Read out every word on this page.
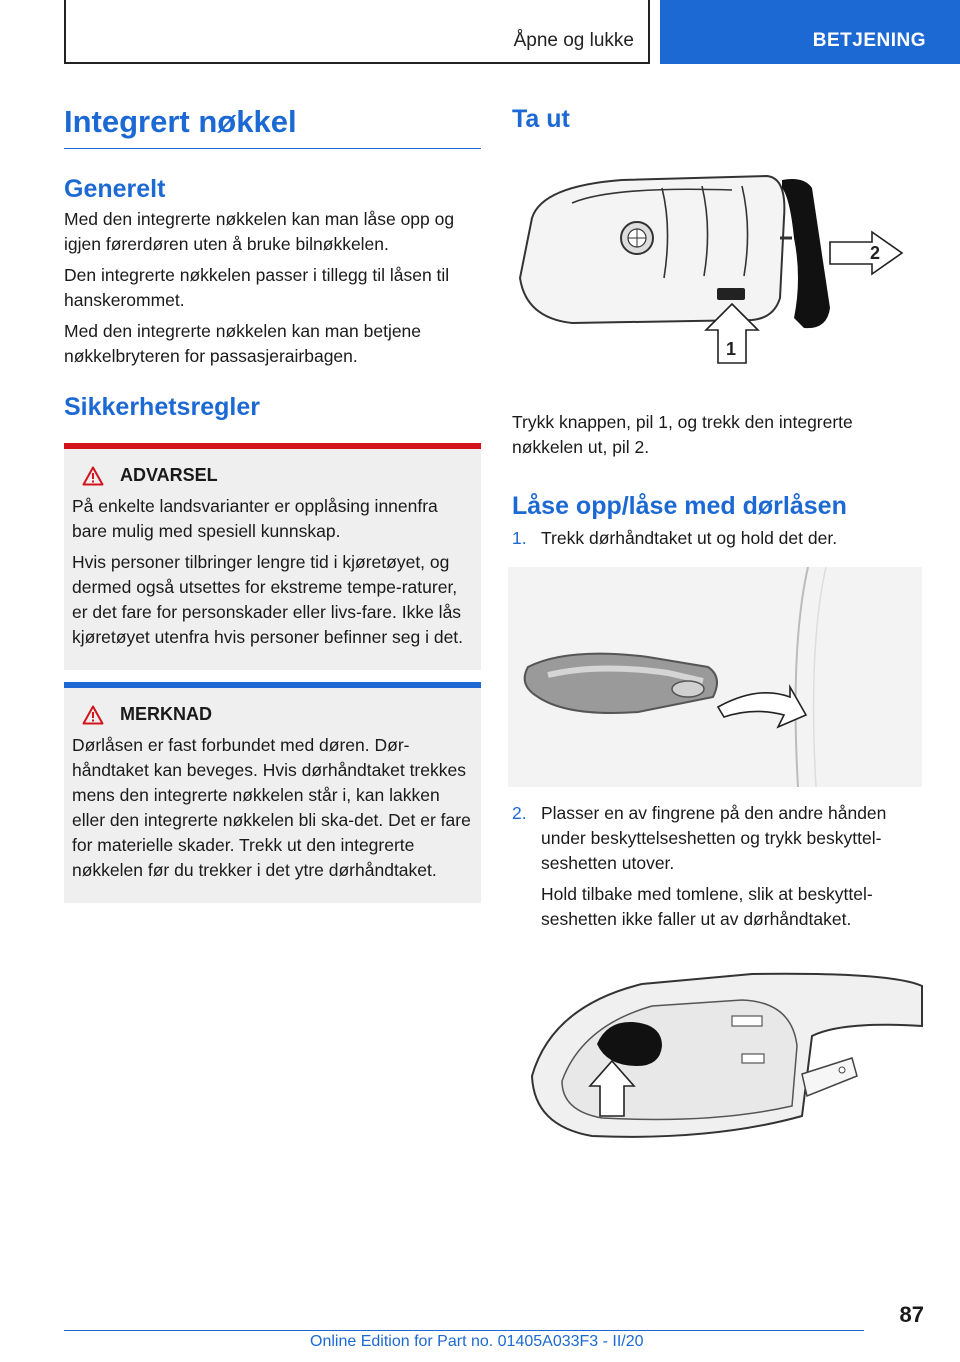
Åpne og lukke	BETJENING
Integrert nøkkel
Generelt

Med den integrerte nøkkelen kan man låse opp og igjen førerdøren uten å bruke bilnøkkelen.

Den integrerte nøkkelen passer i tillegg til låsen til hanskerommet.

Med den integrerte nøkkelen kan man betjene nøkkelbryteren for passasjerairbagen.

Sikkerhetsregler
ADVARSEL

På enkelte landsvarianter er opplåsing innenfra bare mulig med spesiell kunnskap.

Hvis personer tilbringer lengre tid i kjøretøyet, og dermed også utsettes for ekstreme tempe-raturer, er det fare for personskader eller livs-fare. Ikke lås kjøretøyet utenfra hvis personer befinner seg i det.

MERKNAD

Dørlåsen er fast forbundet med døren. Dør-håndtaket kan beveges. Hvis dørhåndtaket trekkes mens den integrerte nøkkelen står i, kan lakken eller den integrerte nøkkelen bli ska-det. Det er fare for materielle skader. Trekk ut den integrerte nøkkelen før du trekker i det ytre dørhåndtaket.

Ta ut
2
1

Trykk knappen, pil 1, og trekk den integrerte nøkkelen ut, pil 2.

Låse opp/låse med dørlåsen
1. Trekk dørhåndtaket ut og hold det der.
2. Plasser en av fingrene på den andre hånden under beskyttelseshetten og trykk beskyttel-seshetten utover.

Hold tilbake med tomlene, slik at beskyttel-seshetten ikke faller ut av dørhåndtaket.

87
Online Edition for Part no. 01405A033F3 - II/20
